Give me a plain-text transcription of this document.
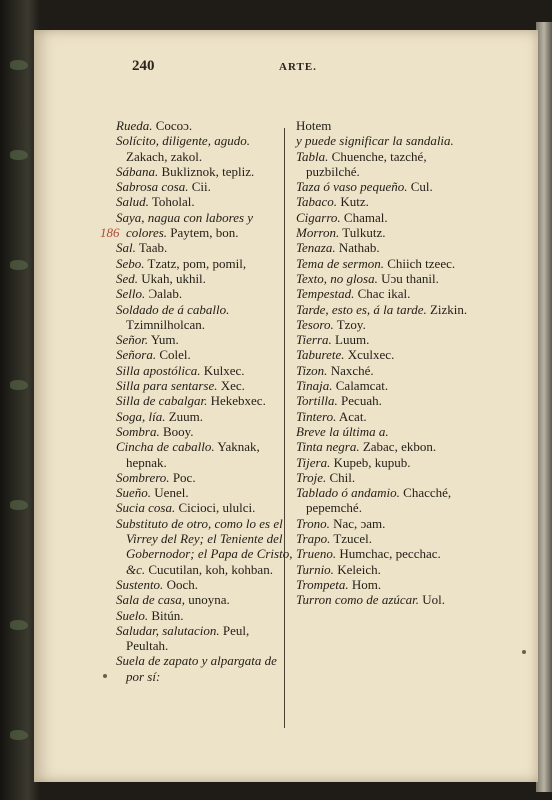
240	ARTE.
186

Rueda. Cocoɔ.

Solícito, diligente, agudo. Zakach, zakol.

Sábana. Bukliznok, tepliz.

Sabrosa cosa. Cii.

Salud. Toholal.

Saya, nagua con labores y colores. Paytem, bon.

Sal. Taab.

Sebo. Tzatz, pom, pomil,

Sed. Ukah, ukhil.

Sello. Ɔalab.

Soldado de á caballo. Tzimnilholcan.

Señor. Yum.

Señora. Colel.

Silla apostólica. Kulxec.

Silla para sentarse. Xec.

Silla de cabalgar. Hekebxec.

Soga, lía. Zuum.

Sombra. Booy.

Cincha de caballo. Yaknak, hepnak.

Sombrero. Poc.

Sueño. Uenel.

Sucia cosa. Cicioci, ululci.

Substituto de otro, como lo es el Virrey del Rey; el Teniente del Gobernodor; el Papa de Cristo, &c. Cucutilan, koh, kohban.

Sustento. Ooch.

Sala de casa, unoyna.

Suelo. Bitún.

Saludar, salutacion. Peul, Peultah.

Suela de zapato y alpargata de por sí:

Hotem

y puede significar la sandalia.

Tabla. Chuenche, tazché, puzbilché.

Taza ó vaso pequeño. Cul.

Tabaco. Kutz.

Cigarro. Chamal.

Morron. Tulkutz.

Tenaza. Nathab.

Tema de sermon. Chiich tzeec.

Texto, no glosa. Uɔu thanil.

Tempestad. Chac ikal.

Tarde, esto es, á la tarde. Zizkin.

Tesoro. Tzoy.

Tierra. Luum.

Taburete. Xculxec.

Tizon. Naxché.

Tinaja. Calamcat.

Tortilla. Pecuah.

Tintero. Acat.

Breve la última a.

Tinta negra. Zabac, ekbon.

Tijera. Kupeb, kupub.

Troje. Chil.

Tablado ó andamio. Chacché, pepemché.

Trono. Nac, ɔam.

Trapo. Tzucel.

Trueno. Humchac, pecchac.

Turnio. Keleich.

Trompeta. Hom.

Turron como de azúcar. Uol.
